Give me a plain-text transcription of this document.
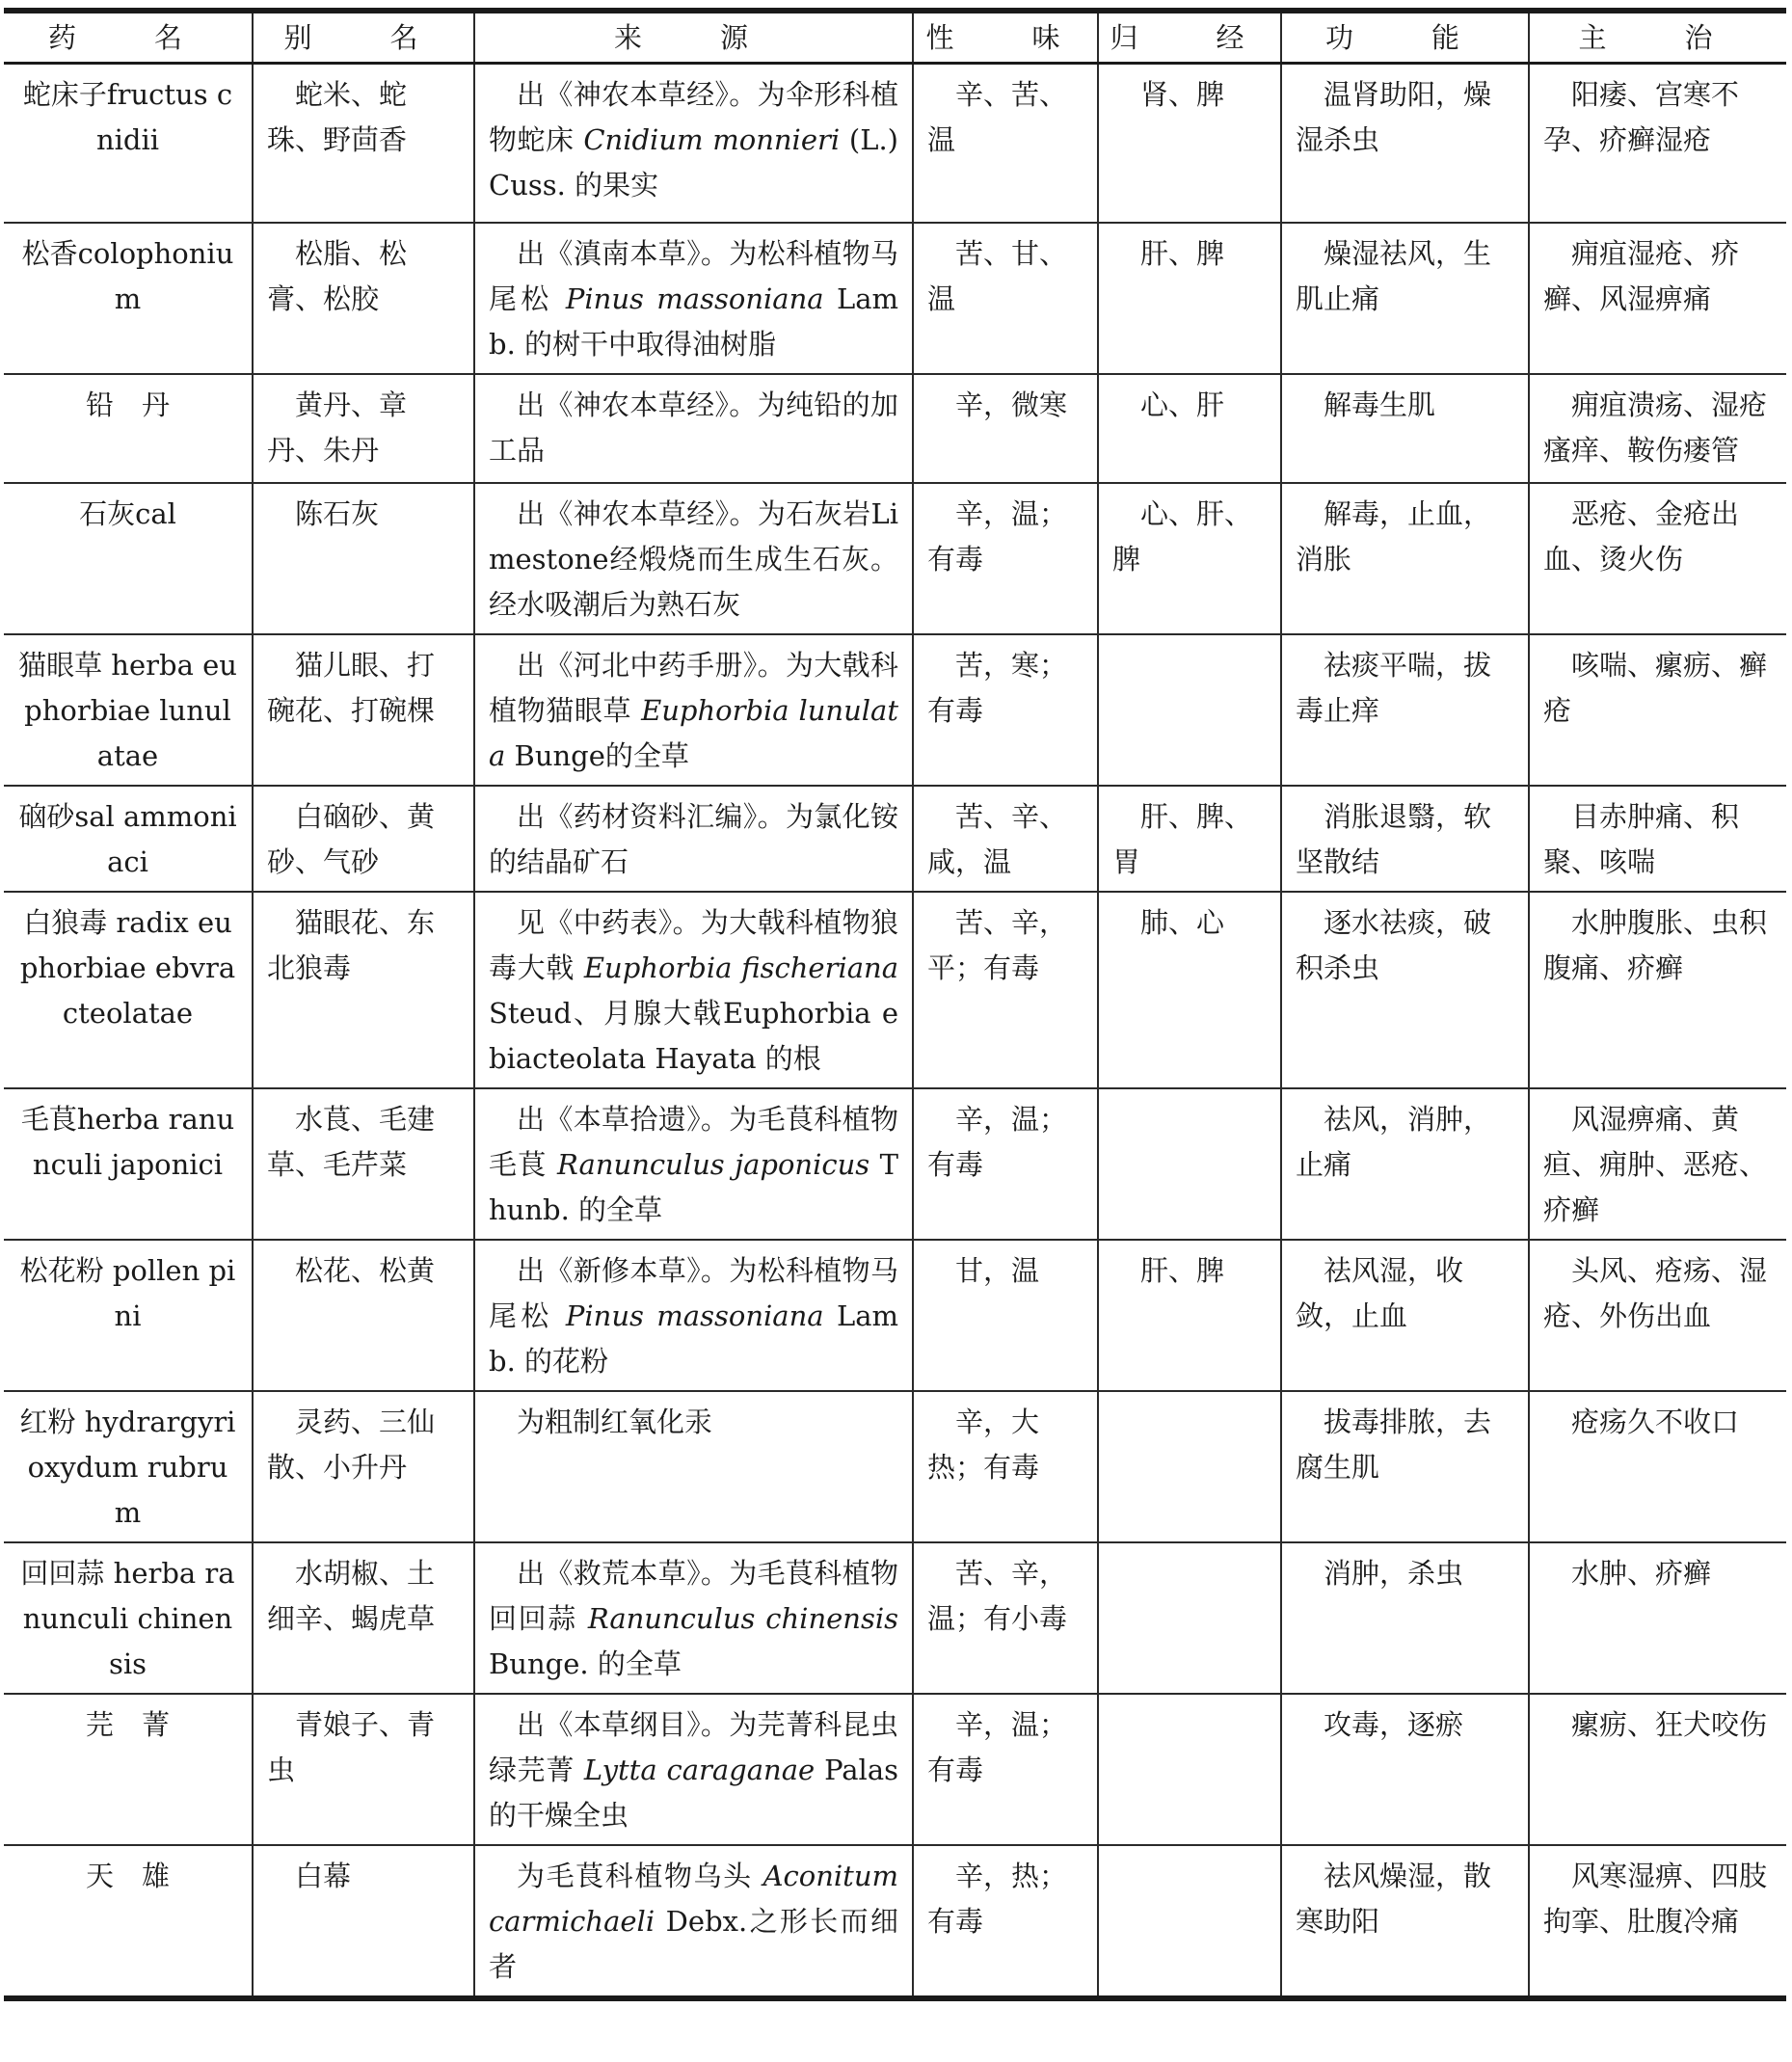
药　名	别　名	来　源	性　味	归　经	功　能	主　治
蛇床子fructus cnidii	蛇米、蛇珠、野茴香	出《神农本草经》。为伞形科植物蛇床 Cnidium monnieri (L.) Cuss. 的果实	辛、苦、温	肾、脾	温肾助阳，燥湿杀虫	阳痿、宫寒不孕、疥癣湿疮
松香colophonium	松脂、松膏、松胶	出《滇南本草》。为松科植物马尾松 Pinus massoniana Lamb. 的树干中取得油树脂	苦、甘、温	肝、脾	燥湿祛风，生肌止痛	痈疽湿疮、疥癣、风湿痹痛
铅　丹	黄丹、章丹、朱丹	出《神农本草经》。为纯铅的加工品	辛，微寒	心、肝	解毒生肌	痈疽溃疡、湿疮瘙痒、鞍伤瘘管
石灰cal	陈石灰	出《神农本草经》。为石灰岩Limestone经煅烧而生成生石灰。经水吸潮后为熟石灰	辛，温；有毒	心、肝、脾	解毒，止血，消胀	恶疮、金疮出血、烫火伤
猫眼草 herba euphorbiae lunulatae	猫儿眼、打碗花、打碗棵	出《河北中药手册》。为大戟科植物猫眼草 Euphorbia lunulata Bunge的全草	苦，寒；有毒		祛痰平喘，拔毒止痒	咳喘、瘰疬、癣疮
硇砂sal ammoniaci	白硇砂、黄砂、气砂	出《药材资料汇编》。为氯化铵的结晶矿石	苦、辛、咸，温	肝、脾、胃	消胀退翳，软坚散结	目赤肿痛、积聚、咳喘
白狼毒 radix euphorbiae ebvracteolatae	猫眼花、东北狼毒	见《中药表》。为大戟科植物狼毒大戟 Euphorbia fischeriana Steud、月腺大戟Euphorbia ebiacteolata Hayata 的根	苦、辛，平；有毒	肺、心	逐水祛痰，破积杀虫	水肿腹胀、虫积腹痛、疥癣
毛茛herba ranunculi japonici	水茛、毛建草、毛芹菜	出《本草拾遗》。为毛茛科植物毛茛 Ranunculus japonicus Thunb. 的全草	辛，温；有毒		祛风，消肿，止痛	风湿痹痛、黄疸、痈肿、恶疮、疥癣
松花粉 pollen pini	松花、松黄	出《新修本草》。为松科植物马尾松 Pinus massoniana Lamb. 的花粉	甘，温	肝、脾	祛风湿，收敛，止血	头风、疮疡、湿疮、外伤出血
红粉 hydrargyri oxydum rubrum	灵药、三仙散、小升丹	为粗制红氧化汞	辛，大热；有毒		拔毒排脓，去腐生肌	疮疡久不收口
回回蒜 herba ranunculi chinensis	水胡椒、土细辛、蝎虎草	出《救荒本草》。为毛茛科植物回回蒜 Ranunculus chinensis Bunge. 的全草	苦、辛，温；有小毒		消肿，杀虫	水肿、疥癣
芫　菁	青娘子、青虫	出《本草纲目》。为芫菁科昆虫绿芫菁 Lytta caraganae Palas 的干燥全虫	辛，温；有毒		攻毒，逐瘀	瘰疬、狂犬咬伤
天　雄	白幕	为毛茛科植物乌头 Aconitum carmichaeli Debx.之形长而细者	辛，热；有毒		祛风燥湿，散寒助阳	风寒湿痹、四肢拘挛、肚腹冷痛
